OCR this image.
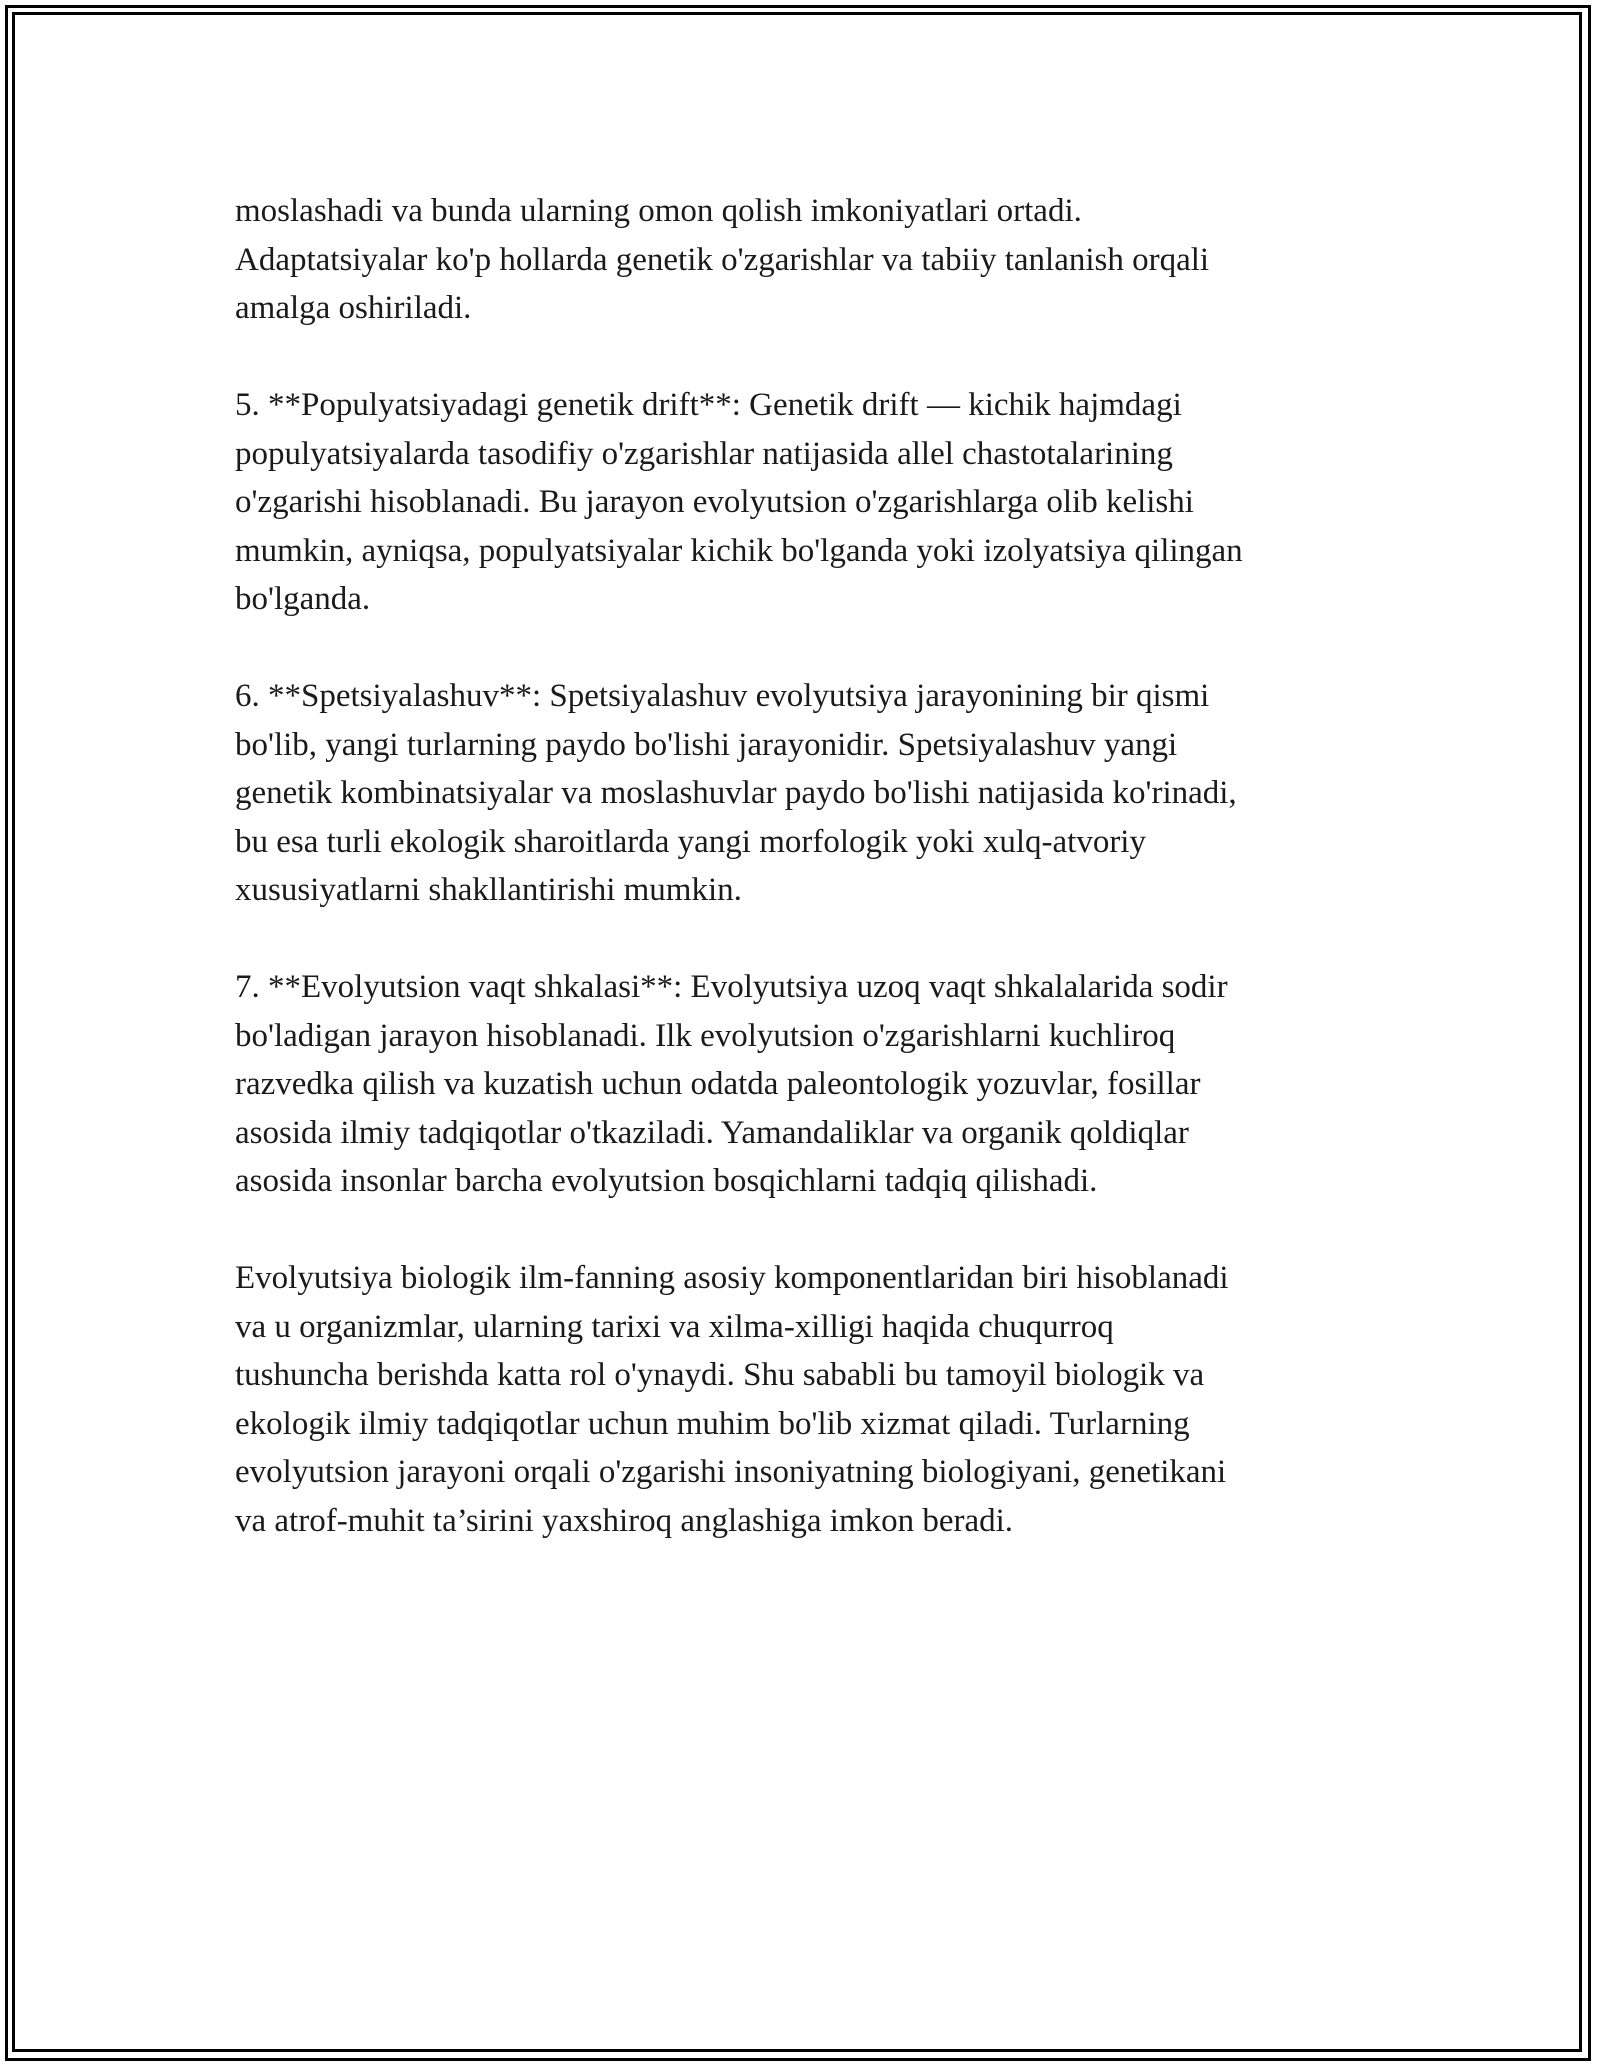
moslashadi va bunda ularning omon qolish imkoniyatlari ortadi.
Adaptatsiyalar ko'p hollarda genetik o'zgarishlar va tabiiy tanlanish orqali
amalga oshiriladi.

5. **Populyatsiyadagi genetik drift**: Genetik drift — kichik hajmdagi
populyatsiyalarda tasodifiy o'zgarishlar natijasida allel chastotalarining
o'zgarishi hisoblanadi. Bu jarayon evolyutsion o'zgarishlarga olib kelishi
mumkin, ayniqsa, populyatsiyalar kichik bo'lganda yoki izolyatsiya qilingan
bo'lganda.

6. **Spetsiyalashuv**: Spetsiyalashuv evolyutsiya jarayonining bir qismi
bo'lib, yangi turlarning paydo bo'lishi jarayonidir. Spetsiyalashuv yangi
genetik kombinatsiyalar va moslashuvlar paydo bo'lishi natijasida ko'rinadi,
bu esa turli ekologik sharoitlarda yangi morfologik yoki xulq-atvoriy
xususiyatlarni shakllantirishi mumkin.

7. **Evolyutsion vaqt shkalasi**: Evolyutsiya uzoq vaqt shkalalarida sodir
bo'ladigan jarayon hisoblanadi. Ilk evolyutsion o'zgarishlarni kuchliroq
razvedka qilish va kuzatish uchun odatda paleontologik yozuvlar, fosillar
asosida ilmiy tadqiqotlar o'tkaziladi. Yamandaliklar va organik qoldiqlar
asosida insonlar barcha evolyutsion bosqichlarni tadqiq qilishadi.

Evolyutsiya biologik ilm-fanning asosiy komponentlaridan biri hisoblanadi
va u organizmlar, ularning tarixi va xilma-xilligi haqida chuqurroq
tushuncha berishda katta rol o'ynaydi. Shu sababli bu tamoyil biologik va
ekologik ilmiy tadqiqotlar uchun muhim bo'lib xizmat qiladi. Turlarning
evolyutsion jarayoni orqali o'zgarishi insoniyatning biologiyani, genetikani
va atrof-muhit ta’sirini yaxshiroq anglashiga imkon beradi.
